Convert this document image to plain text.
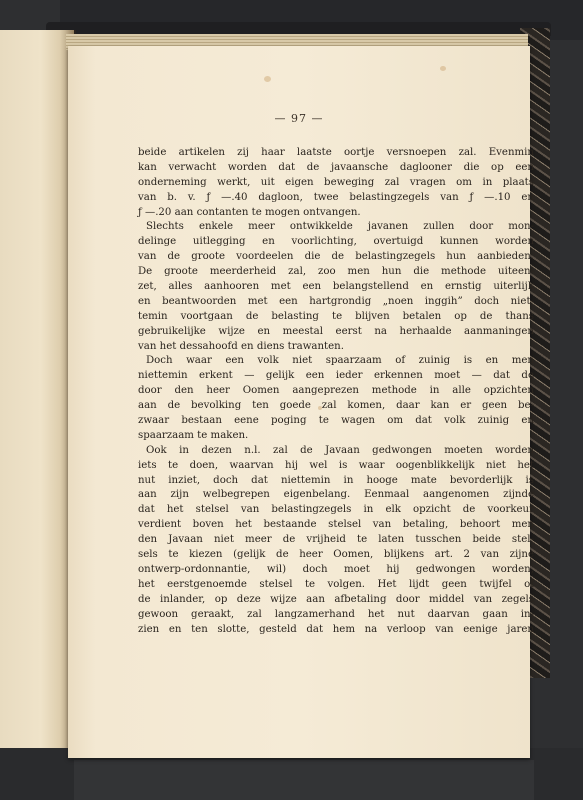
— 97 —
beide artikelen zij haar laatste oortje versnoepen zal. Evenmin
kan verwacht worden dat de javaansche daglooner die op een
onderneming werkt, uit eigen beweging zal vragen om in plaats
van b. v. ƒ —.40 dagloon, twee belastingzegels van ƒ —.10 en
ƒ —.20 aan contanten te mogen ontvangen.
Slechts enkele meer ontwikkelde javanen zullen door mon-
delinge uitlegging en voorlichting, overtuigd kunnen worden
van de groote voordeelen die de belastingzegels hun aanbieden.
De groote meerderheid zal, zoo men hun die methode uiteen-
zet, alles aanhooren met een belangstellend en ernstig uiterlijk
en beantwoorden met een hartgrondig „noen inggih” doch niet-
temin voortgaan de belasting te blijven betalen op de thans
gebruikelijke wijze en meestal eerst na herhaalde aanmaningen
van het dessahoofd en diens trawanten.
Doch waar een volk niet spaarzaam of zuinig is en men
niettemin erkent — gelijk een ieder erkennen moet — dat de
door den heer Oomen aangeprezen methode in alle opzichten
aan de bevolking ten goede zal komen, daar kan er geen be-
zwaar bestaan eene poging te wagen om dat volk zuinig en
spaarzaam te maken.
Ook in dezen n.l. zal de Javaan gedwongen moeten worden
iets te doen, waarvan hij wel is waar oogenblikkelijk niet het
nut inziet, doch dat niettemin in hooge mate bevorderlijk is
aan zijn welbegrepen eigenbelang. Eenmaal aangenomen zijnde
dat het stelsel van belastingzegels in elk opzicht de voorkeur
verdient boven het bestaande stelsel van betaling, behoort men
den Javaan niet meer de vrijheid te laten tusschen beide stel-
sels te kiezen (gelijk de heer Oomen, blijkens art. 2 van zijne
ontwerp-ordonnantie, wil) doch moet hij gedwongen worden,
het eerstgenoemde stelsel te volgen. Het lijdt geen twijfel of
de inlander, op deze wijze aan afbetaling door middel van zegels
gewoon geraakt, zal langzamerhand het nut daarvan gaan in-
zien en ten slotte, gesteld dat hem na verloop van eenige jaren
